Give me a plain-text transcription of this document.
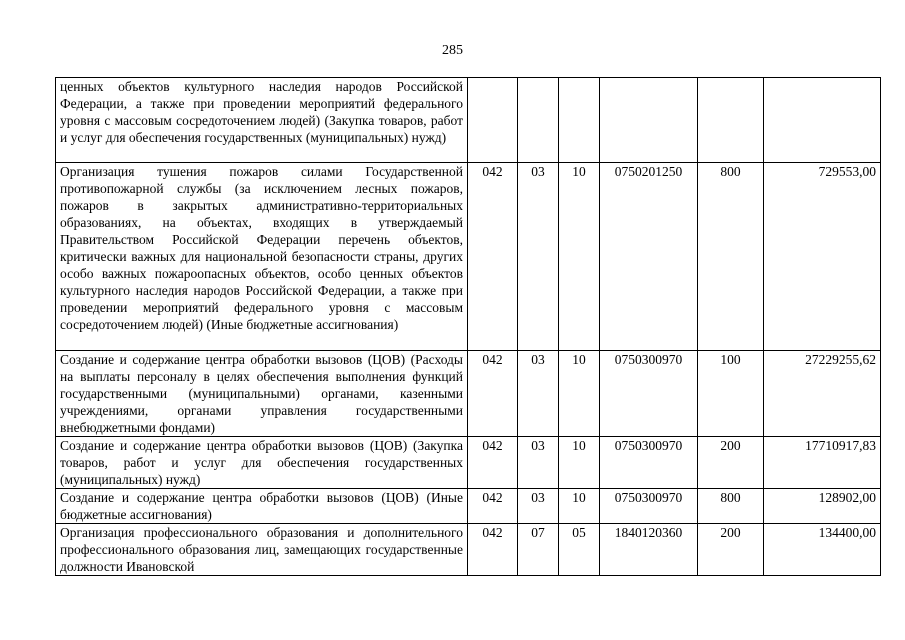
285
ценных объектов культурного наследия народов Российской Федерации, а также при проведении мероприятий федерального уровня с массовым сосредоточением людей) (Закупка товаров, работ и услуг для обеспечения государственных (муниципальных) нужд)						
Организация тушения пожаров силами Государственной противопожарной службы (за исключением лесных пожаров, пожаров в закрытых административно-территориальных образованиях, на объектах, входящих в утверждаемый Правительством Российской Федерации перечень объектов, критически важных для национальной безопасности страны, других особо важных пожароопасных объектов, особо ценных объектов культурного наследия народов Российской Федерации, а также при проведении мероприятий федерального уровня с массовым сосредоточением людей) (Иные бюджетные ассигнования)	042	03	10	0750201250	800	729553,00
Создание и содержание центра обработки вызовов (ЦОВ) (Расходы на выплаты персоналу в целях обеспечения выполнения функций государственными (муниципальными) органами, казенными учреждениями, органами управления государственными внебюджетными фондами)	042	03	10	0750300970	100	27229255,62
Создание и содержание центра обработки вызовов (ЦОВ) (Закупка товаров, работ и услуг для обеспечения государственных (муниципальных) нужд)	042	03	10	0750300970	200	17710917,83
Создание и содержание центра обработки вызовов (ЦОВ) (Иные бюджетные ассигнования)	042	03	10	0750300970	800	128902,00
Организация профессионального образования и дополнительного профессионального образования лиц, замещающих государственные должности Ивановской	042	07	05	1840120360	200	134400,00
